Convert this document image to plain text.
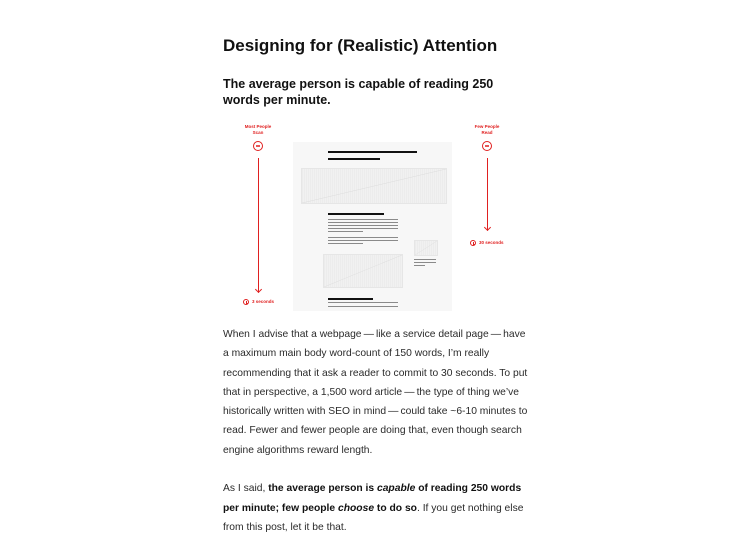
Designing for (Realistic) Attention
The average person is capable of reading 250 words per minute.
Most People
Scan
3 seconds
Few People
Read
30 seconds

When I advise that a webpage — like a service detail page — have a maximum main body word-count of 150 words, I’m really recommending that it ask a reader to commit to 30 seconds. To put that in perspective, a 1,500 word article — the type of thing we’ve historically written with SEO in mind — could take ~6-10 minutes to read. Fewer and fewer people are doing that, even though search engine algorithms reward length.

As I said, the average person is capable of reading 250 words per minute; few people choose to do so. If you get nothing else from this post, let it be that.
